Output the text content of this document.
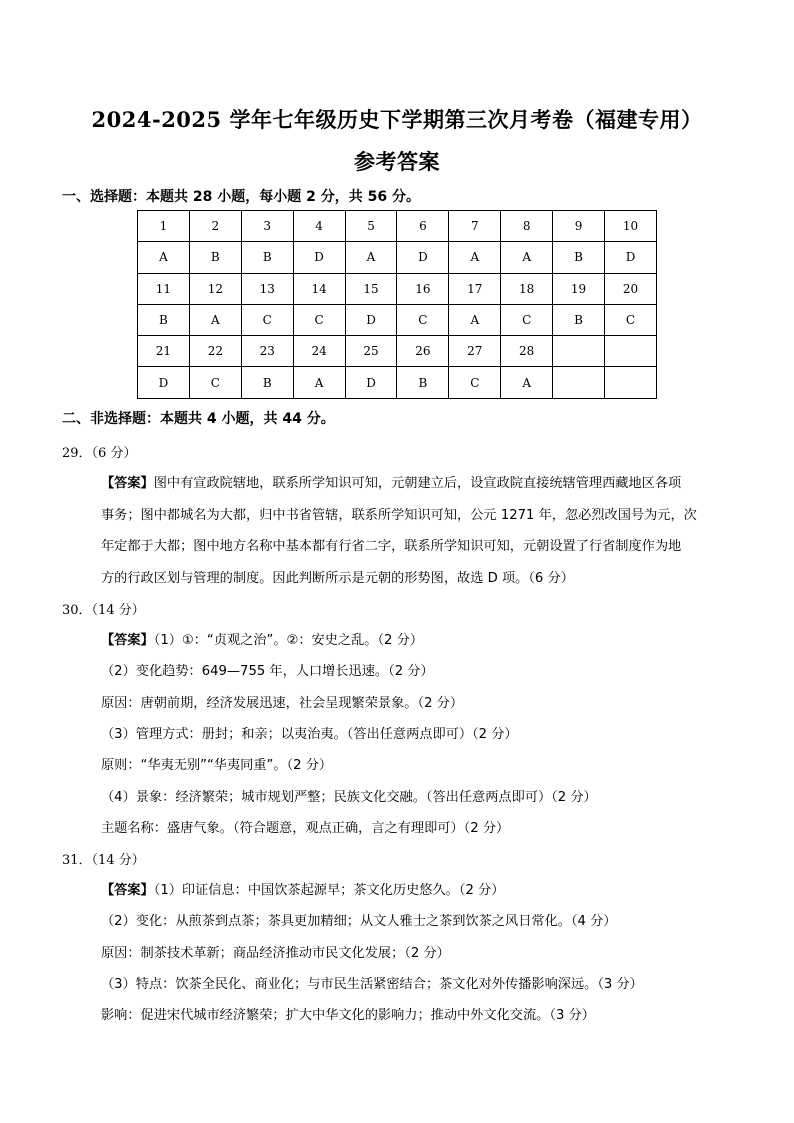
2024-2025 学年七年级历史下学期第三次月考卷（福建专用）
参考答案
一、选择题：本题共 28 小题，每小题 2 分，共 56 分。
1	2	3	4	5	6	7	8	9	10
A	B	B	D	A	D	A	A	B	D
11	12	13	14	15	16	17	18	19	20
B	A	C	C	D	C	A	C	B	C
21	22	23	24	25	26	27	28		
D	C	B	A	D	B	C	A		
二、非选择题：本题共 4 小题，共 44 分。
29．（6 分）
【答案】图中有宣政院辖地，联系所学知识可知，元朝建立后，设宣政院直接统辖管理西藏地区各项
事务；图中都城名为大都，归中书省管辖，联系所学知识可知，公元 1271 年，忽必烈改国号为元，次
年定都于大都；图中地方名称中基本都有行省二字，联系所学知识可知，元朝设置了行省制度作为地
方的行政区划与管理的制度。因此判断所示是元朝的形势图，故选 D 项。（6 分）
30．（14 分）
【答案】（1）①：“贞观之治”。②：安史之乱。（2 分）
（2）变化趋势：649—755 年，人口增长迅速。（2 分）
原因：唐朝前期，经济发展迅速，社会呈现繁荣景象。（2 分）
（3）管理方式：册封；和亲；以夷治夷。（答出任意两点即可）（2 分）
原则：“华夷无别”“华夷同重”。（2 分）
（4）景象：经济繁荣；城市规划严整；民族文化交融。（答出任意两点即可）（2 分）
主题名称：盛唐气象。（符合题意，观点正确，言之有理即可）（2 分）
31．（14 分）
【答案】（1）印证信息：中国饮茶起源早；茶文化历史悠久。（2 分）
（2）变化：从煎茶到点茶；茶具更加精细；从文人雅士之茶到饮茶之风日常化。（4 分）
原因：制茶技术革新；商品经济推动市民文化发展；（2 分）
（3）特点：饮茶全民化、商业化；与市民生活紧密结合；茶文化对外传播影响深远。（3 分）
影响：促进宋代城市经济繁荣；扩大中华文化的影响力；推动中外文化交流。（3 分）
